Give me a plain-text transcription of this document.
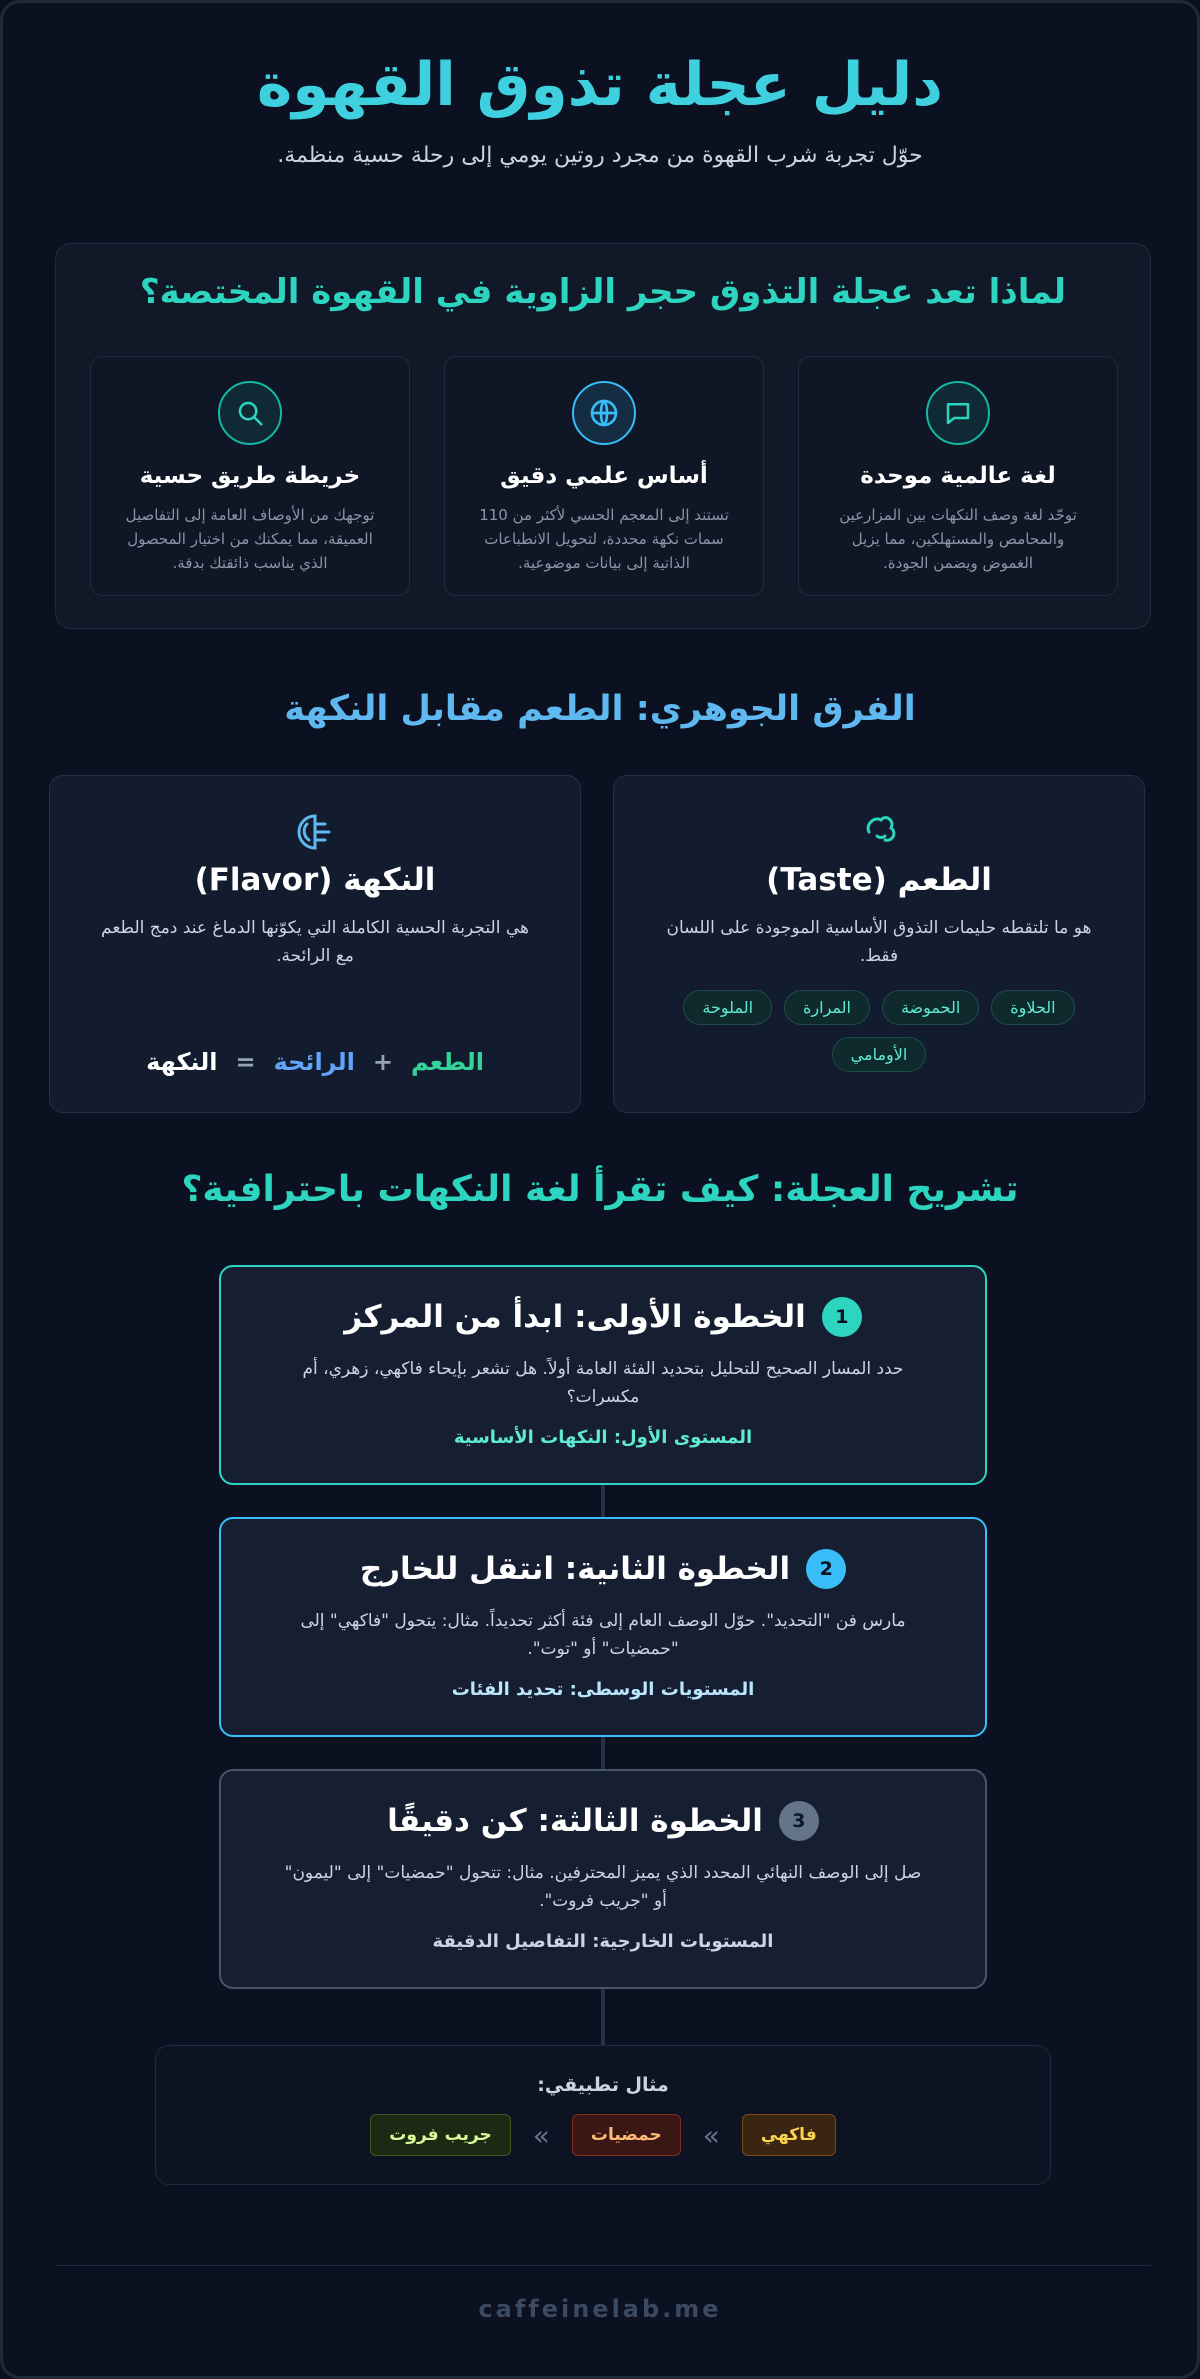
دليل عجلة تذوق القهوة

حوّل تجربة شرب القهوة من مجرد روتين يومي إلى رحلة حسية منظمة.

لماذا تعد عجلة التذوق حجر الزاوية في القهوة المختصة؟
لغة عالمية موحدة

توحّد لغة وصف النكهات بين المزارعين والمحامص والمستهلكين، مما يزيل الغموض ويضمن الجودة.

أساس علمي دقيق

تستند إلى المعجم الحسي لأكثر من 110 سمات نكهة محددة، لتحويل الانطباعات الذاتية إلى بيانات موضوعية.

خريطة طريق حسية

توجهك من الأوصاف العامة إلى التفاصيل العميقة، مما يمكنك من اختيار المحصول الذي يناسب ذائقتك بدقة.

الفرق الجوهري: الطعم مقابل النكهة
الطعم (Taste)

هو ما تلتقطه حليمات التذوق الأساسية الموجودة على اللسان فقط.

الحلاوة
الحموضة
المرارة
الملوحة
الأومامي
النكهة (Flavor)

هي التجربة الحسية الكاملة التي يكوّنها الدماغ عند دمج الطعم مع الرائحة.

الطعم
+
الرائحة
=
النكهة
تشريح العجلة: كيف تقرأ لغة النكهات باحترافية؟
1
الخطوة الأولى: ابدأ من المركز

حدد المسار الصحيح للتحليل بتحديد الفئة العامة أولاً. هل تشعر بإيحاء فاكهي، زهري، أم مكسرات؟

المستوى الأول: النكهات الأساسية
2
الخطوة الثانية: انتقل للخارج

مارس فن "التحديد". حوّل الوصف العام إلى فئة أكثر تحديداً. مثال: يتحول "فاكهي" إلى "حمضيات" أو "توت".

المستويات الوسطى: تحديد الفئات
3
الخطوة الثالثة: كن دقيقًا

صل إلى الوصف النهائي المحدد الذي يميز المحترفين. مثال: تتحول "حمضيات" إلى "ليمون" أو "جريب فروت".

المستويات الخارجية: التفاصيل الدقيقة
مثال تطبيقي:
فاكهي
»
حمضيات
»
جريب فروت
caffeinelab.me
